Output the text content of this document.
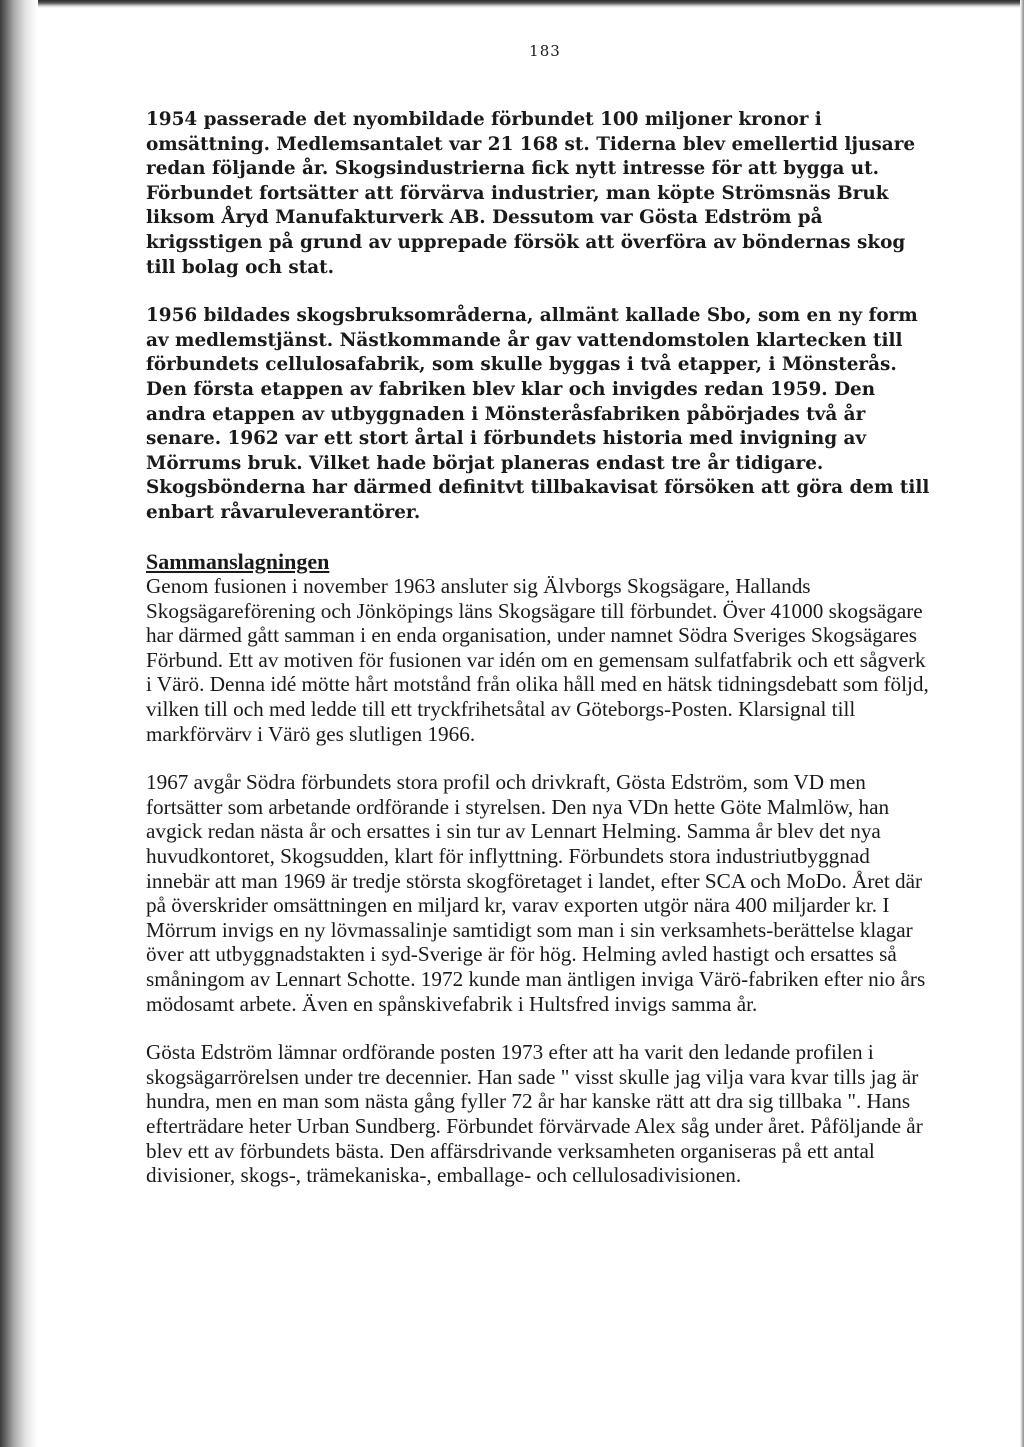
183

1954 passerade det nyombildade förbundet 100 miljoner kronor i omsättning. Medlemsantalet var 21 168 st. Tiderna blev emellertid ljusare redan följande år. Skogsindustrierna fick nytt intresse för att bygga ut. Förbundet fortsätter att förvärva industrier, man köpte Strömsnäs Bruk liksom Åryd Manufakturverk AB. Dessutom var Gösta Edström på krigsstigen på grund av upprepade försök att överföra av böndernas skog till bolag och stat.

1956 bildades skogsbruksområderna, allmänt kallade Sbo, som en ny form av medlemstjänst. Nästkommande år gav vattendomstolen klartecken till förbundets cellulosafabrik, som skulle byggas i två etapper, i Mönsterås. Den första etappen av fabriken blev klar och invigdes redan 1959. Den andra etappen av utbyggnaden i Mönsteråsfabriken påbörjades två år senare. 1962 var ett stort årtal i förbundets historia med invigning av Mörrums bruk. Vilket hade börjat planeras endast tre år tidigare. Skogsbönderna har därmed definitvt tillbakavisat försöken att göra dem till enbart råvaruleverantörer.

Sammanslagningen

Genom fusionen i november 1963 ansluter sig Älvborgs Skogsägare, Hallands Skogsägareförening och Jönköpings läns Skogsägare till förbundet. Över 41000 skogsägare har därmed gått samman i en enda organisation, under namnet Södra Sveriges Skogsägares Förbund. Ett av motiven för fusionen var idén om en gemensam sulfatfabrik och ett sågverk i Värö. Denna idé mötte hårt motstånd från olika håll med en hätsk tidningsdebatt som följd, vilken till och med ledde till ett tryckfrihetsåtal av Göteborgs-Posten. Klarsignal till markförvärv i Värö ges slutligen 1966.

1967 avgår Södra förbundets stora profil och drivkraft, Gösta Edström, som VD men fortsätter som arbetande ordförande i styrelsen. Den nya VDn hette Göte Malmlöw, han avgick redan nästa år och ersattes i sin tur av Lennart Helming. Samma år blev det nya huvudkontoret, Skogsudden, klart för inflyttning. Förbundets stora industriutbyggnad innebär att man 1969 är tredje största skogföretaget i landet, efter SCA och MoDo. Året där på överskrider omsättningen en miljard kr, varav exporten utgör nära 400 miljarder kr. I Mörrum invigs en ny lövmassalinje samtidigt som man i sin verksamhets-berättelse klagar över att utbyggnadstakten i syd-Sverige är för hög. Helming avled hastigt och ersattes så småningom av Lennart Schotte. 1972 kunde man äntligen inviga Värö-fabriken efter nio års mödosamt arbete. Även en spånskivefabrik i Hultsfred invigs samma år.

Gösta Edström lämnar ordförande posten 1973 efter att ha varit den ledande profilen i skogsägarrörelsen under tre decennier. Han sade " visst skulle jag vilja vara kvar tills jag är hundra, men en man som nästa gång fyller 72 år har kanske rätt att dra sig tillbaka ". Hans efterträdare heter Urban Sundberg. Förbundet förvärvade Alex såg under året. Påföljande år blev ett av förbundets bästa. Den affärsdrivande verksamheten organiseras på ett antal divisioner, skogs-, trämekaniska-, emballage- och cellulosadivisionen.
